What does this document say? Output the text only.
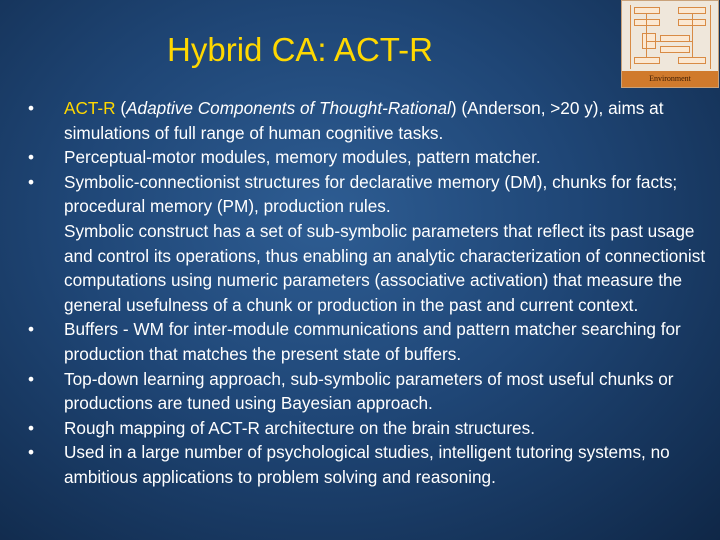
Hybrid CA: ACT-R
Environment
•	ACT-R (Adaptive Components of Thought-Rational) (Anderson, >20 y), aims at simulations of full range of human cognitive tasks.
•	Perceptual-motor modules, memory modules, pattern matcher.
•	Symbolic-connectionist structures for declarative memory (DM), chunks for facts; procedural memory (PM), production rules.
Symbolic construct has a set of sub-symbolic parameters that reflect its past usage and control its operations, thus enabling an analytic characterization of connectionist computations using numeric parameters (associative activation) that measure the general usefulness of a chunk or production in the past and current context.
•	Buffers - WM for inter-module communications and pattern matcher searching for production that matches the present state of buffers.
•	Top-down learning approach, sub-symbolic parameters of most useful chunks or productions are tuned using Bayesian approach.
•	Rough mapping of ACT-R architecture on the brain structures.
•	Used in a large number of psychological studies, intelligent tutoring systems, no ambitious applications to problem solving and reasoning.
